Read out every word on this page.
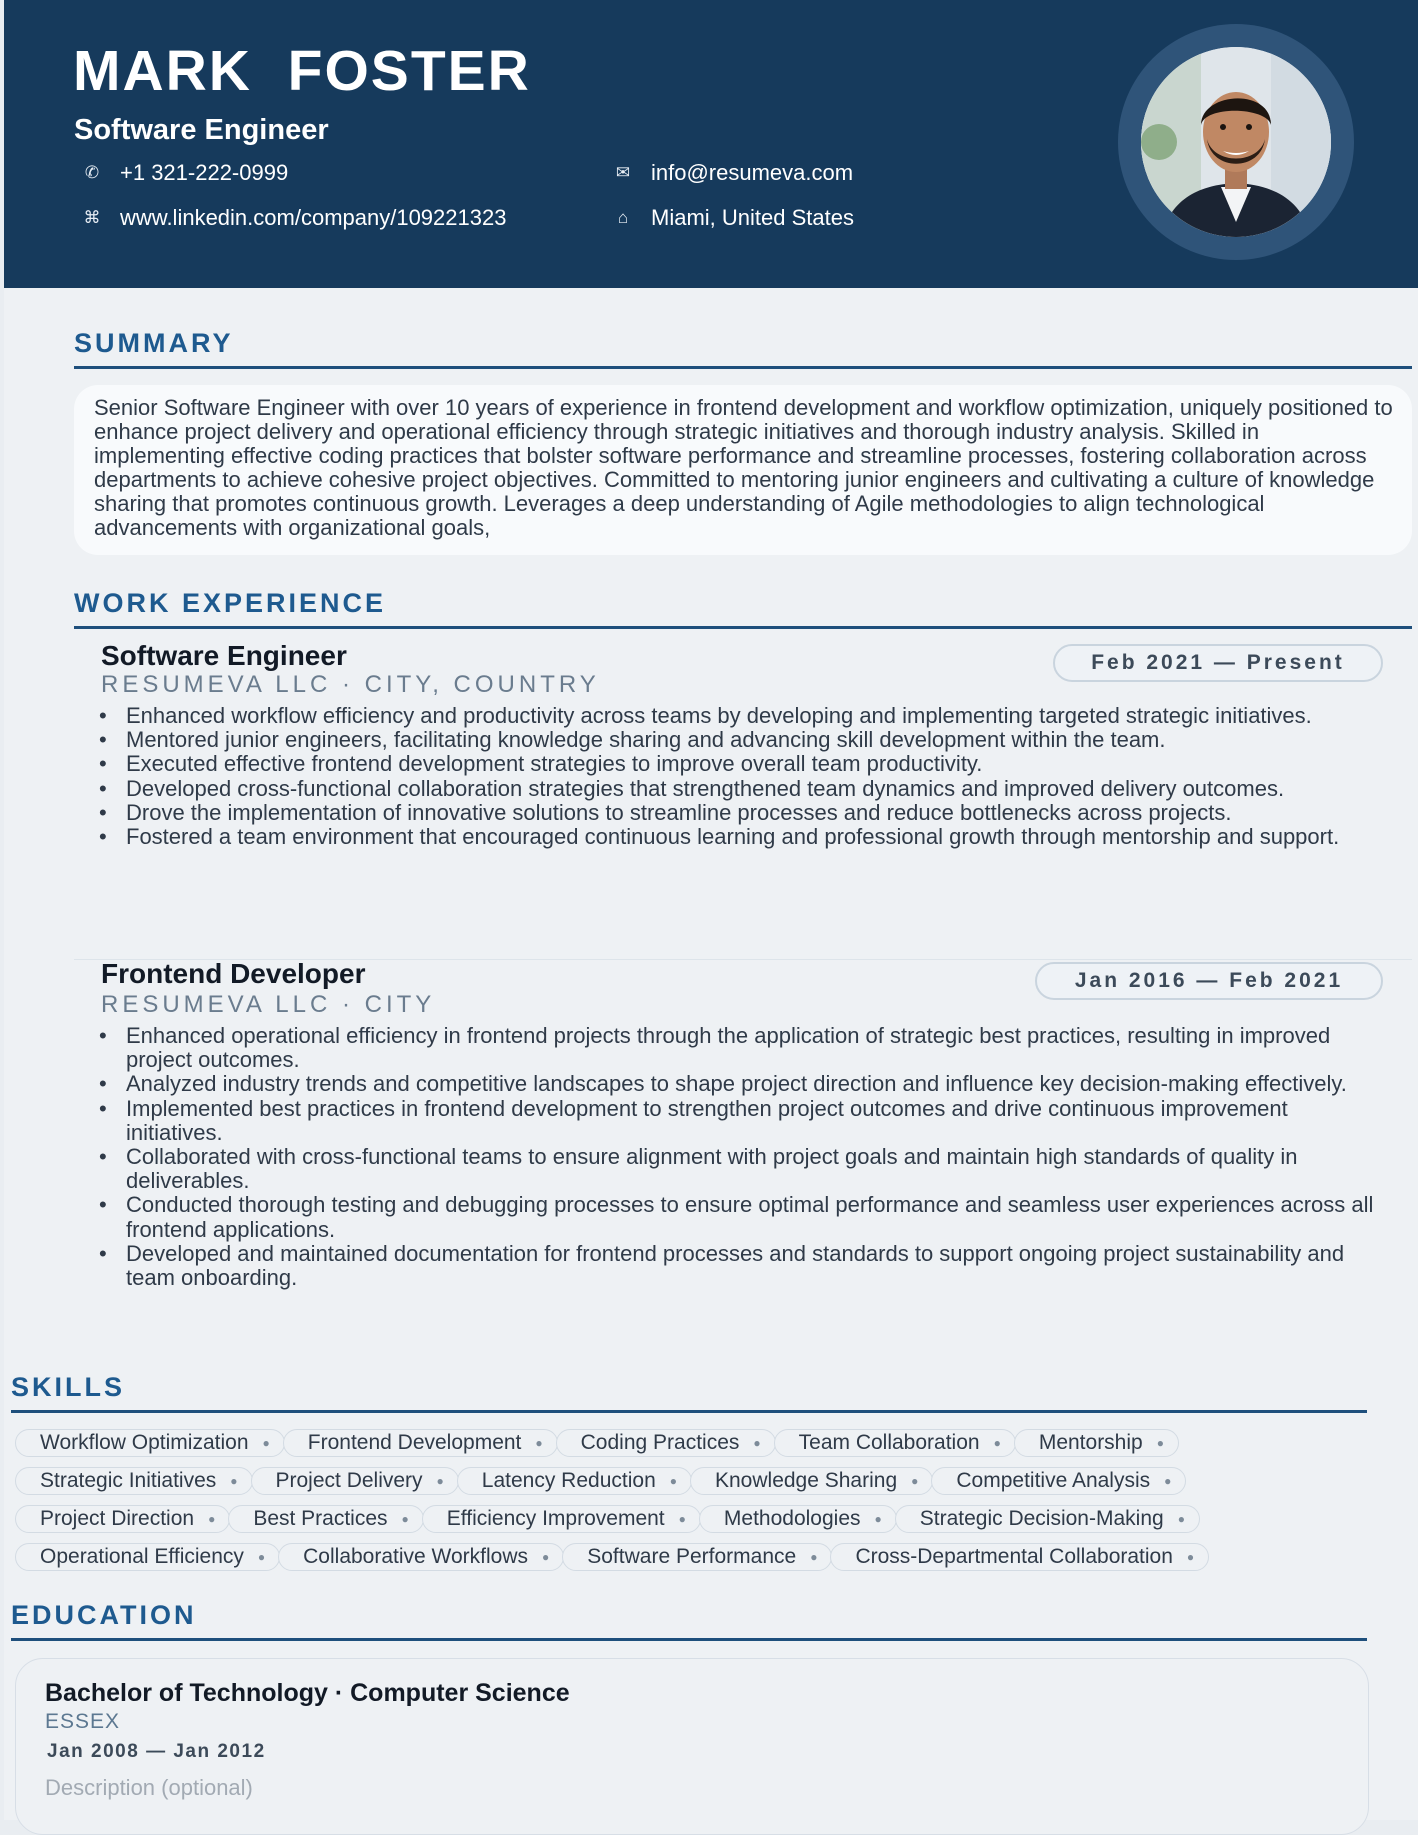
MARK  FOSTER
Software Engineer
✆ +1 321-222-0999
⌘ www.linkedin.com/company/109221323
✉ info@resumeva.com
⌂	Miami, United States
SUMMARY
Senior Software Engineer with over 10 years of experience in frontend development and workflow optimization, uniquely positioned to enhance project delivery and operational efficiency through strategic initiatives and thorough industry analysis. Skilled in implementing effective coding practices that bolster software performance and streamline processes, fostering collaboration across departments to achieve cohesive project objectives. Committed to mentoring junior engineers and cultivating a culture of knowledge sharing that promotes continuous growth. Leverages a deep understanding of Agile methodologies to align technological advancements with organizational goals,
WORK EXPERIENCE
Software Engineer
RESUMEVA LLC · CITY, COUNTRY
Feb 2021 — Present
• Enhanced workflow efficiency and productivity across teams by developing and implementing targeted strategic initiatives.
• Mentored junior engineers, facilitating knowledge sharing and advancing skill development within the team.
• Executed effective frontend development strategies to improve overall team productivity.
• Developed cross-functional collaboration strategies that strengthened team dynamics and improved delivery outcomes.
• Drove the implementation of innovative solutions to streamline processes and reduce bottlenecks across projects.
• Fostered a team environment that encouraged continuous learning and professional growth through mentorship and support.
Frontend Developer
RESUMEVA LLC · CITY
Jan 2016 — Feb 2021
• Enhanced operational efficiency in frontend projects through the application of strategic best practices, resulting in improved project outcomes.
• Analyzed industry trends and competitive landscapes to shape project direction and influence key decision-making effectively.
• Implemented best practices in frontend development to strengthen project outcomes and drive continuous improvement initiatives.
• Collaborated with cross-functional teams to ensure alignment with project goals and maintain high standards of quality in deliverables.
• Conducted thorough testing and debugging processes to ensure optimal performance and seamless user experiences across all frontend applications.
• Developed and maintained documentation for frontend processes and standards to support ongoing project sustainability and team onboarding.
SKILLS
Workflow Optimization ● Frontend Development ● Coding Practices ● Team Collaboration ● Mentorship ●
Strategic Initiatives ● Project Delivery ● Latency Reduction ● Knowledge Sharing ● Competitive Analysis ●
Project Direction ● Best Practices ● Efficiency Improvement ● Methodologies ● Strategic Decision-Making ●
Operational Efficiency ● Collaborative Workflows ● Software Performance ● Cross-Departmental Collaboration ●
EDUCATION
Bachelor of Technology · Computer Science
ESSEX
Jan 2008 — Jan 2012
Description (optional)
